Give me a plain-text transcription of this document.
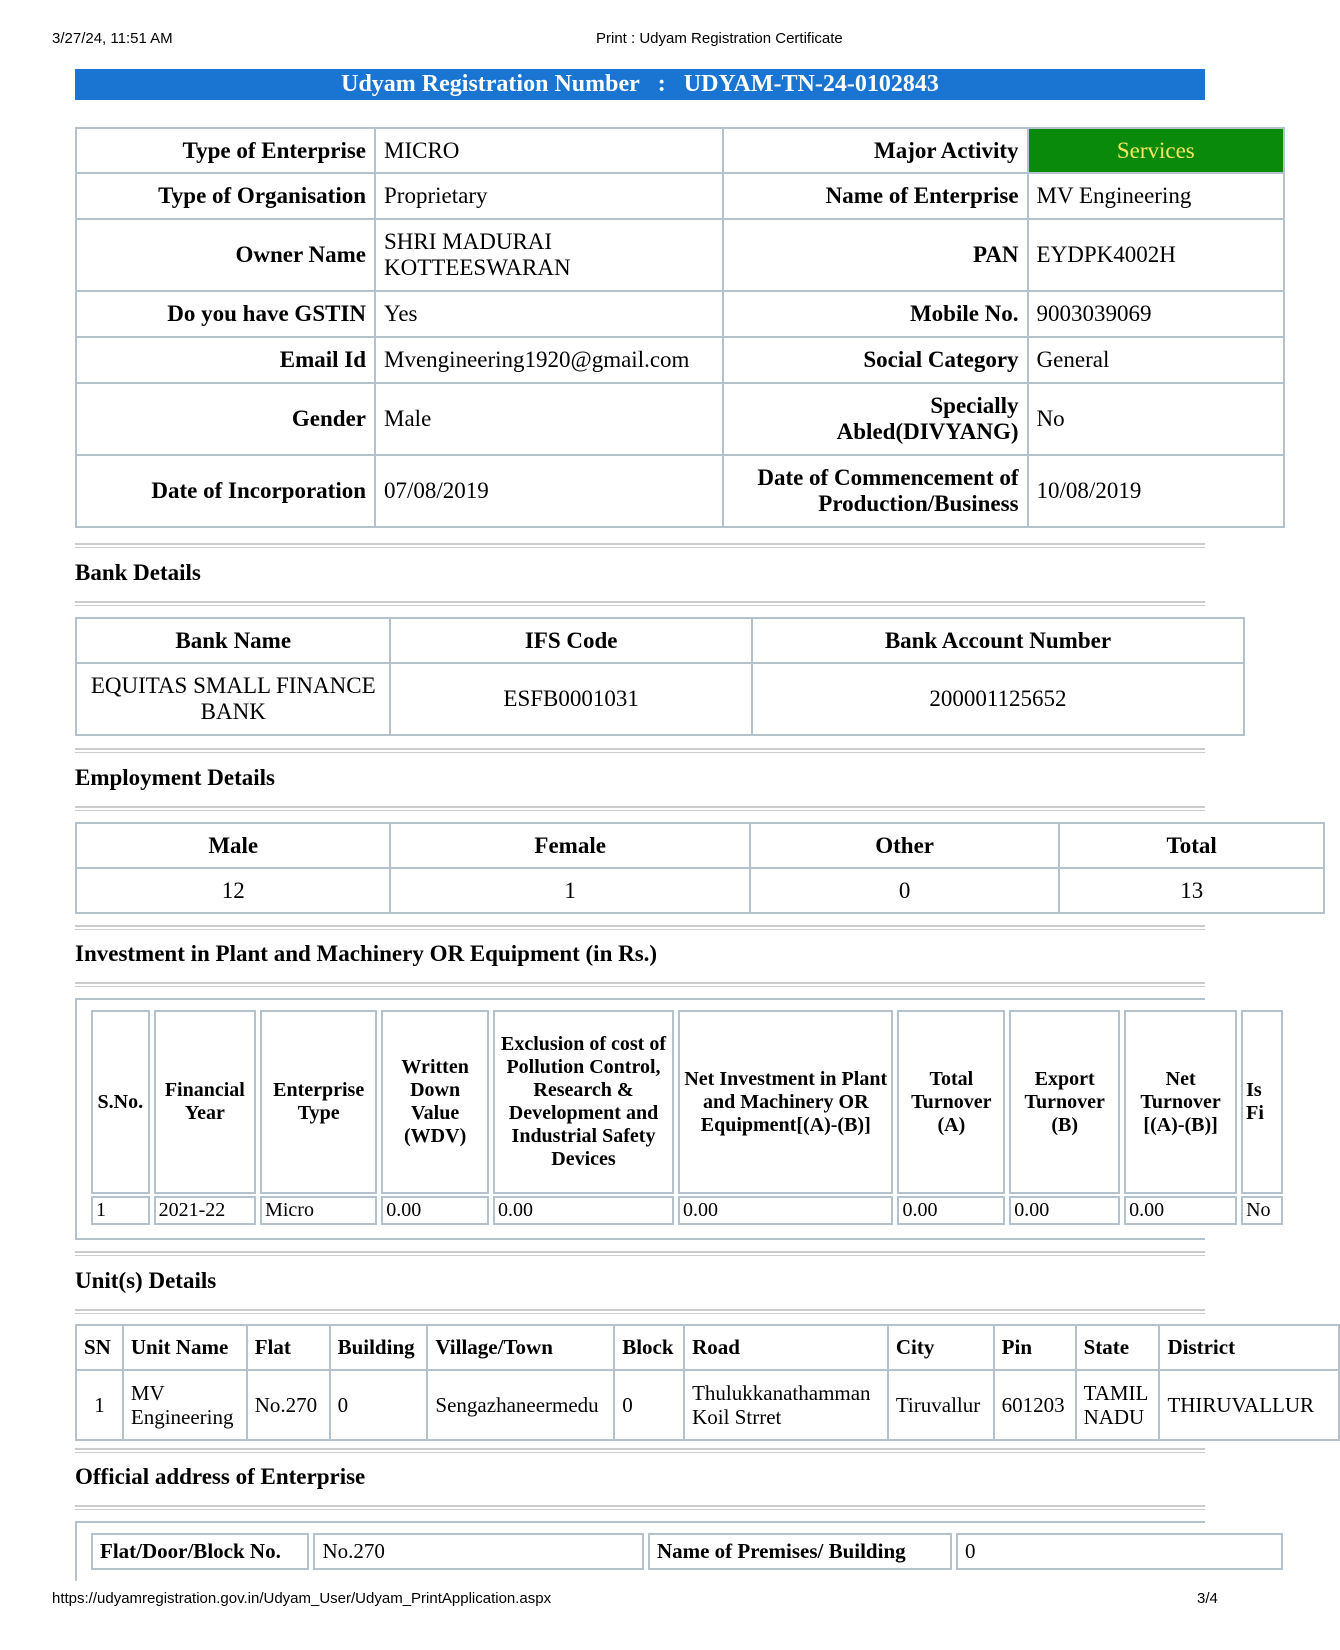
3/27/24, 11:51 AM	Print : Udyam Registration Certificate
Udyam Registration Number : UDYAM-TN-24-0102843
Type of Enterprise	MICRO	Major Activity	Services
Type of Organisation	Proprietary	Name of Enterprise	MV Engineering
Owner Name	SHRI MADURAI KOTTEESWARAN	PAN	EYDPK4002H
Do you have GSTIN	Yes	Mobile No.	9003039069
Email Id	Mvengineering1920@gmail.com	Social Category	General
Gender	Male	Specially Abled(DIVYANG)	No
Date of Incorporation	07/08/2019	Date of Commencement of Production/Business	10/08/2019
Bank Details
Bank Name	IFS Code	Bank Account Number
EQUITAS SMALL FINANCE BANK	ESFB0001031	200001125652
Employment Details
Male	Female	Other	Total
12	1	0	13
Investment in Plant and Machinery OR Equipment (in Rs.)
S.No.	Financial Year	Enterprise Type	Written Down Value (WDV)	Exclusion of cost of Pollution Control, Research & Development and Industrial Safety Devices	Net Investment in Plant and Machinery OR Equipment[(A)-(B)]	Total Turnover (A)	Export Turnover (B)	Net Turnover [(A)-(B)]	Is Fi

1	2021-22	Micro	0.00	0.00	0.00	0.00	0.00	0.00	No
Unit(s) Details
SN	Unit Name	Flat	Building	Village/Town	Block	Road	City	Pin	State	District
1	MV Engineering	No.270	0	Sengazhaneermedu	0	Thulukkanathamman Koil Strret	Tiruvallur	601203	TAMIL NADU	THIRUVALLUR
Official address of Enterprise
Flat/Door/Block No.	No.270	Name of Premises/ Building	0
https://udyamregistration.gov.in/Udyam_User/Udyam_PrintApplication.aspx	3/4
